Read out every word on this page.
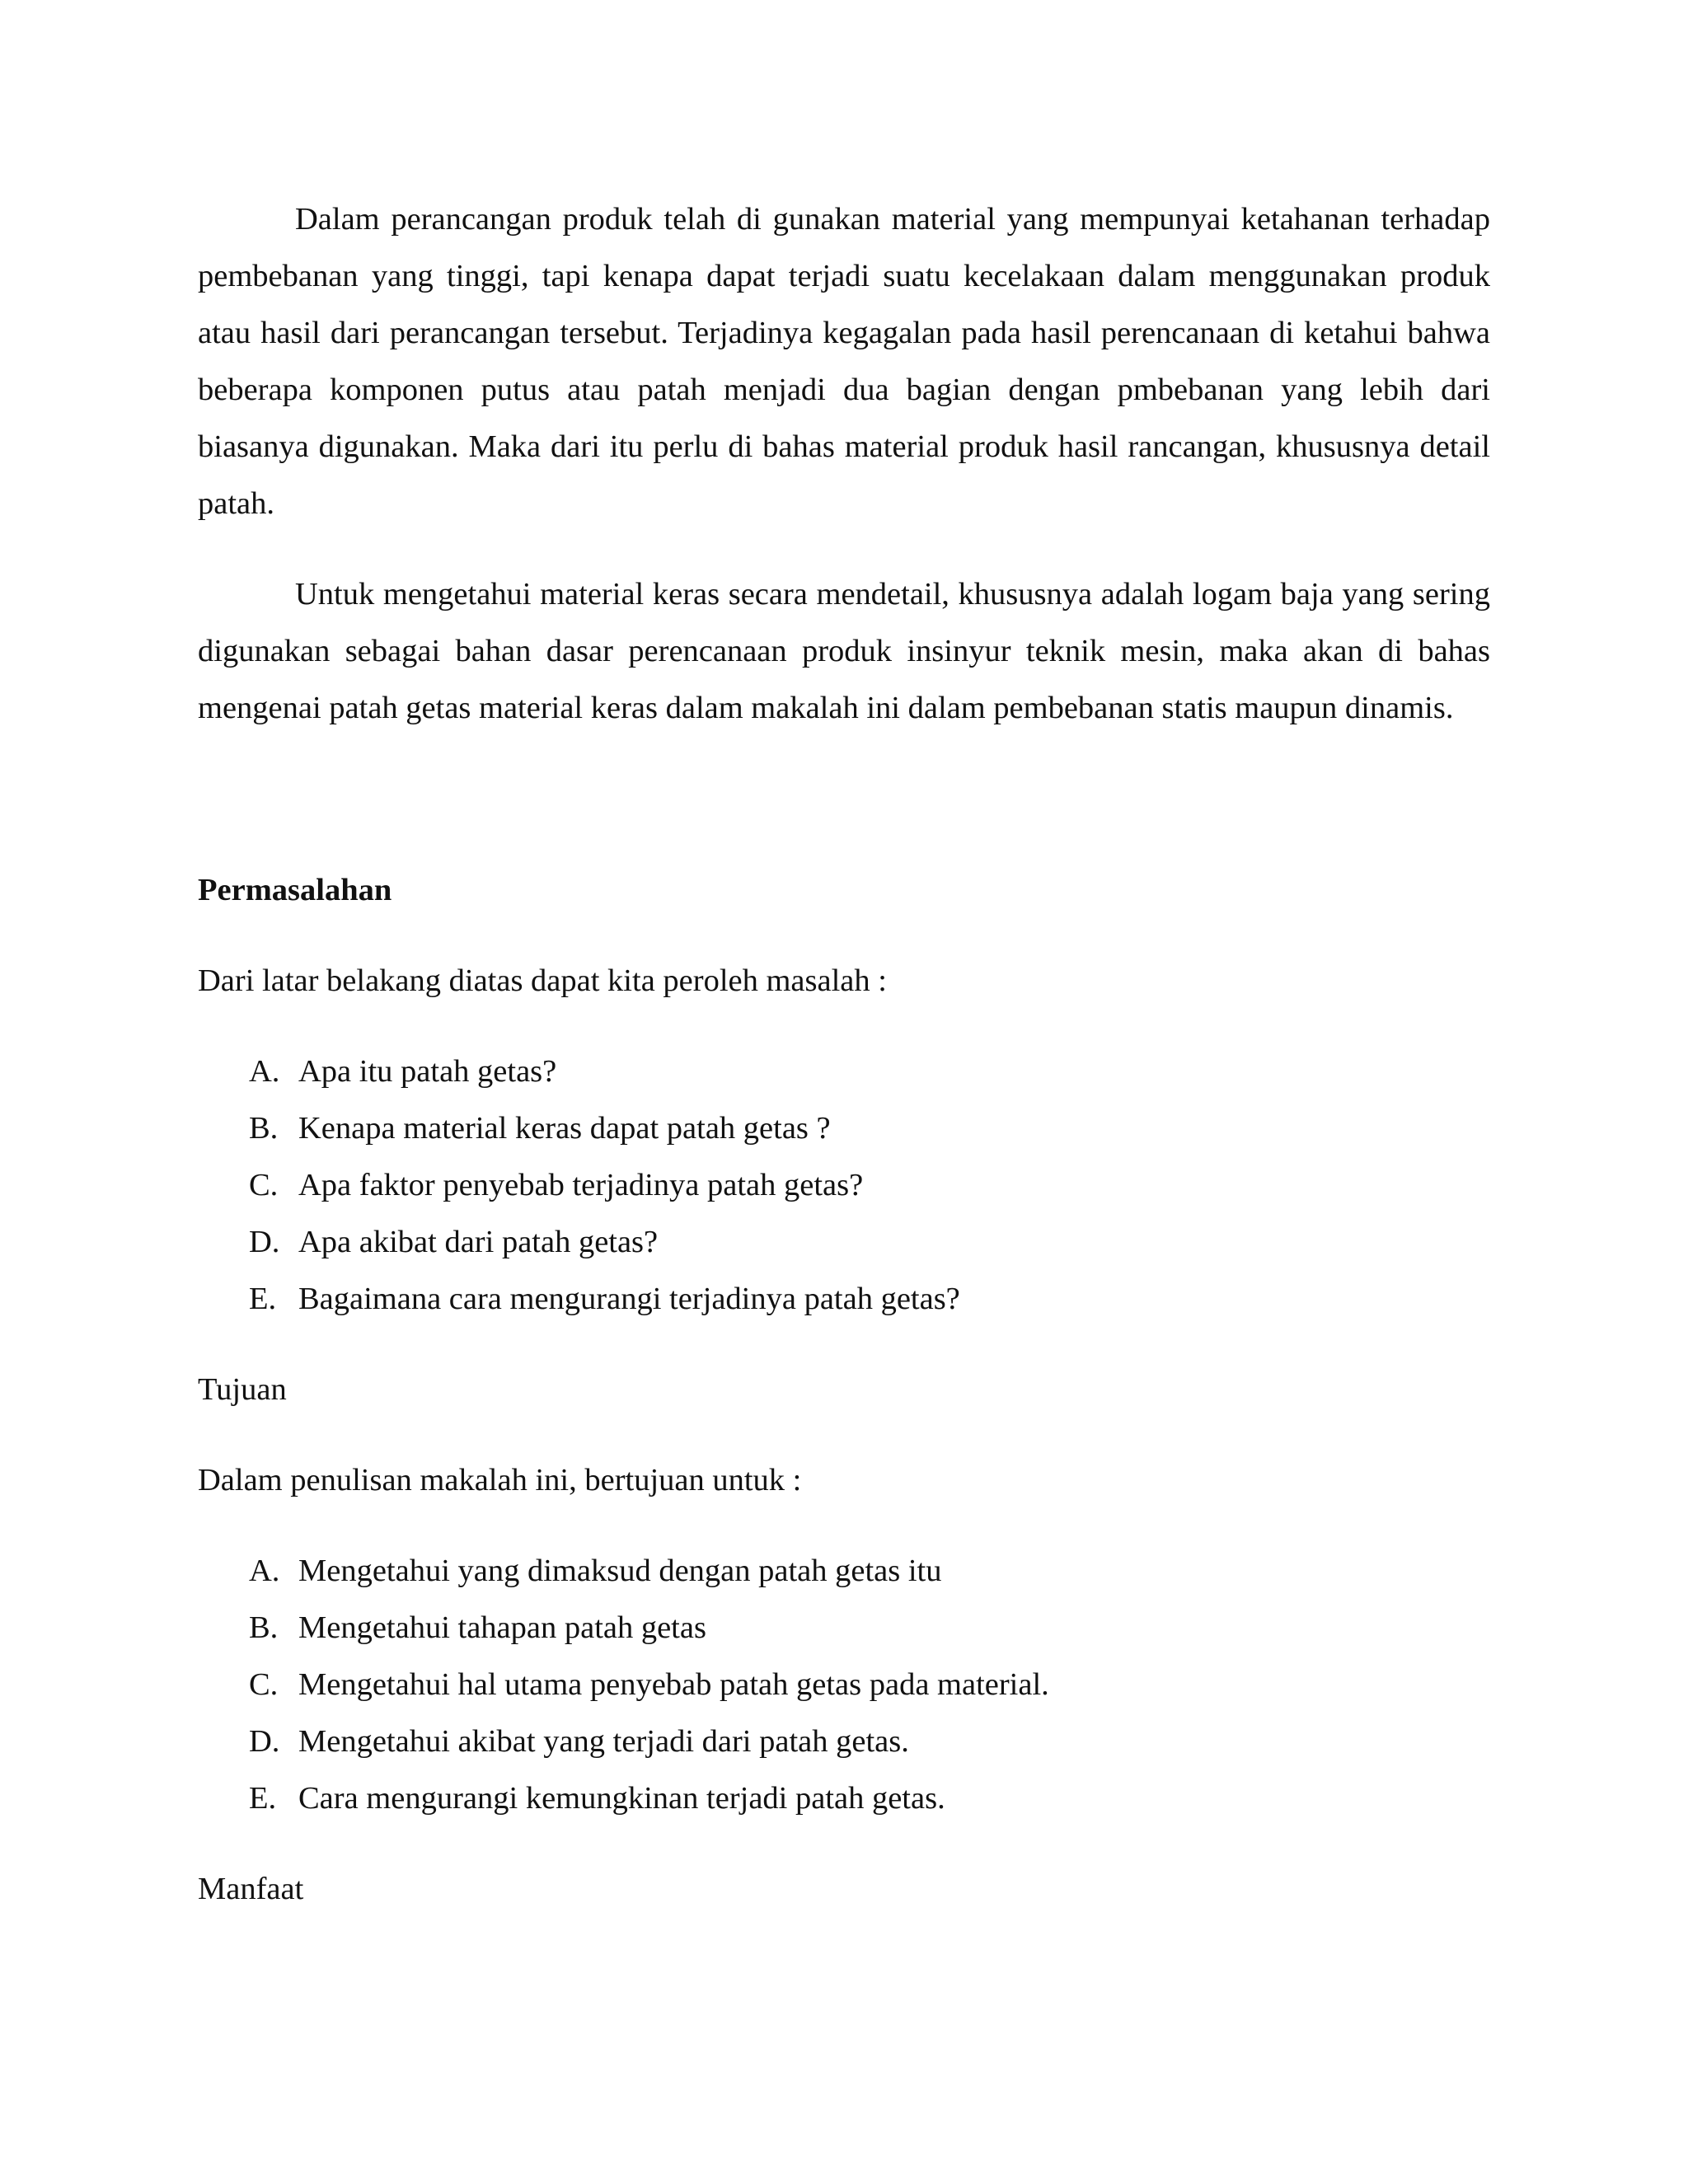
Dalam perancangan produk telah di gunakan material yang mempunyai ketahanan terhadap pembebanan yang tinggi, tapi kenapa dapat terjadi suatu kecelakaan dalam menggunakan produk atau hasil dari perancangan tersebut. Terjadinya kegagalan pada hasil perencanaan di ketahui bahwa beberapa komponen putus atau patah menjadi dua bagian dengan pmbebanan yang lebih dari biasanya digunakan. Maka dari itu perlu di bahas material produk hasil rancangan, khususnya detail patah.

Untuk mengetahui material keras secara mendetail, khususnya adalah logam baja yang sering digunakan sebagai bahan dasar perencanaan produk insinyur teknik mesin, maka akan di bahas mengenai patah getas material keras dalam makalah ini dalam pembebanan statis maupun dinamis.

Permasalahan

Dari latar belakang diatas dapat kita peroleh masalah :

A. Apa itu patah getas?
B. Kenapa material keras dapat patah getas ?
C. Apa faktor penyebab terjadinya patah getas?
D. Apa akibat dari patah getas?
E. Bagaimana cara mengurangi terjadinya patah getas?

Tujuan

Dalam penulisan makalah ini, bertujuan untuk :

A. Mengetahui yang dimaksud dengan patah getas itu
B. Mengetahui tahapan patah getas
C. Mengetahui hal utama penyebab patah getas pada material.
D. Mengetahui akibat yang terjadi dari patah getas.
E. Cara mengurangi kemungkinan terjadi patah getas.

Manfaat
